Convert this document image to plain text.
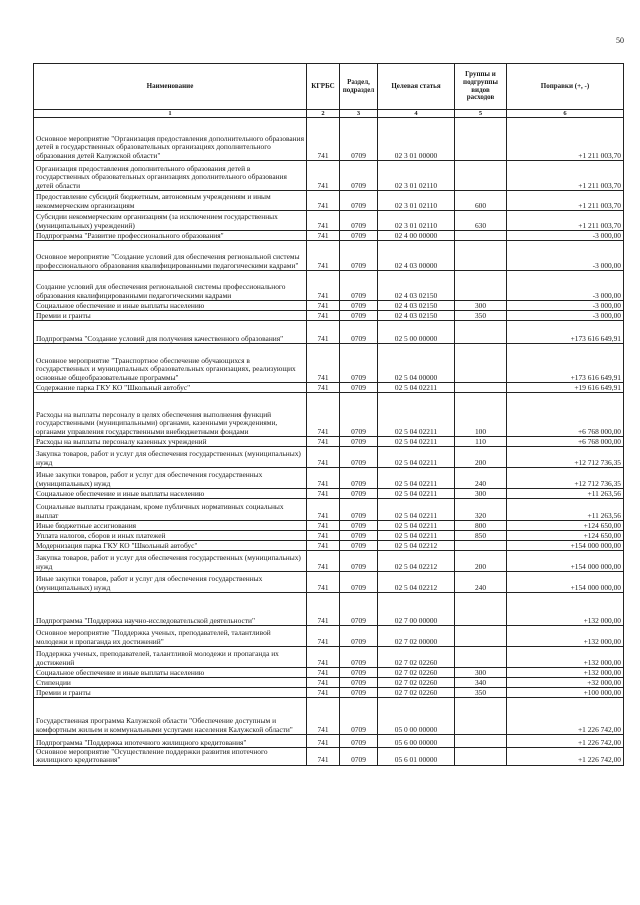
50
Наименование	КГРБС	Раздел, подраздел	Целевая статья	Группы и подгруппы видов расходов	Поправки (+, -)
1	2	3	4	5	6
Основное мероприятие "Организация предоставления дополнительного образования детей в государственных образовательных организациях дополнительного образования детей Калужской области"	741	0709	02 3 01 00000		+1 211 003,70
Организация предоставления дополнительного образования детей в государственных образовательных организациях дополнительного образования детей области	741	0709	02 3 01 02110		+1 211 003,70
Предоставление субсидий бюджетным, автономным учреждениям и иным некоммерческим организациям	741	0709	02 3 01 02110	600	+1 211 003,70
Субсидии некоммерческим организациям (за исключением государственных (муниципальных) учреждений)	741	0709	02 3 01 02110	630	+1 211 003,70
Подпрограмма "Развитие профессионального образования"	741	0709	02 4 00 00000		-3 000,00
Основное мероприятие "Создание условий для обеспечения региональной системы профессионального образования квалифицированными педагогическими кадрами"	741	0709	02 4 03 00000		-3 000,00
Создание условий для обеспечения региональной системы профессионального образования квалифицированными педагогическими кадрами	741	0709	02 4 03 02150		-3 000,00
Социальное обеспечение и иные выплаты населению	741	0709	02 4 03 02150	300	-3 000,00
Премии и гранты	741	0709	02 4 03 02150	350	-3 000,00
Подпрограмма "Создание условий для получения качественного образования"	741	0709	02 5 00 00000		+173 616 649,91
Основное мероприятие "Транспортное обеспечение обучающихся в государственных и муниципальных образовательных организациях, реализующих основные общеобразовательные программы"	741	0709	02 5 04 00000		+173 616 649,91
Содержание парка ГКУ КО "Школьный автобус"	741	0709	02 5 04 02211		+19 616 649,91
Расходы на выплаты персоналу в целях обеспечения выполнения функций государственными (муниципальными) органами, казенными учреждениями, органами управления государственными внебюджетными фондами	741	0709	02 5 04 02211	100	+6 768 000,00
Расходы на выплаты персоналу казенных учреждений	741	0709	02 5 04 02211	110	+6 768 000,00
Закупка товаров, работ и услуг для обеспечения государственных (муниципальных) нужд	741	0709	02 5 04 02211	200	+12 712 736,35
Иные закупки товаров, работ и услуг для обеспечения государственных (муниципальных) нужд	741	0709	02 5 04 02211	240	+12 712 736,35
Социальное обеспечение и иные выплаты населению	741	0709	02 5 04 02211	300	+11 263,56
Социальные выплаты гражданам, кроме публичных нормативных социальных выплат	741	0709	02 5 04 02211	320	+11 263,56
Иные бюджетные ассигнования	741	0709	02 5 04 02211	800	+124 650,00
Уплата налогов, сборов и иных платежей	741	0709	02 5 04 02211	850	+124 650,00
Модернизация парка ГКУ КО "Школьный автобус"	741	0709	02 5 04 02212		+154 000 000,00
Закупка товаров, работ и услуг для обеспечения государственных (муниципальных) нужд	741	0709	02 5 04 02212	200	+154 000 000,00
Иные закупки товаров, работ и услуг для обеспечения государственных (муниципальных) нужд	741	0709	02 5 04 02212	240	+154 000 000,00
Подпрограмма "Поддержка научно-исследовательской деятельности"	741	0709	02 7 00 00000		+132 000,00
Основное мероприятие "Поддержка ученых, преподавателей, талантливой молодежи и пропаганда их достижений"	741	0709	02 7 02 00000		+132 000,00
Поддержка ученых, преподавателей, талантливой молодежи и пропаганда их достижений	741	0709	02 7 02 02260		+132 000,00
Социальное обеспечение и иные выплаты населению	741	0709	02 7 02 02260	300	+132 000,00
Стипендии	741	0709	02 7 02 02260	340	+32 000,00
Премии и гранты	741	0709	02 7 02 02260	350	+100 000,00
Государственная программа Калужской области "Обеспечение доступным и комфортным жильем и коммунальными услугами населения Калужской области"	741	0709	05 0 00 00000		+1 226 742,00
Подпрограмма "Поддержка ипотечного жилищного кредитования"	741	0709	05 6 00 00000		+1 226 742,00
Основное мероприятие "Осуществление поддержки развития ипотечного жилищного кредитования"	741	0709	05 6 01 00000		+1 226 742,00
